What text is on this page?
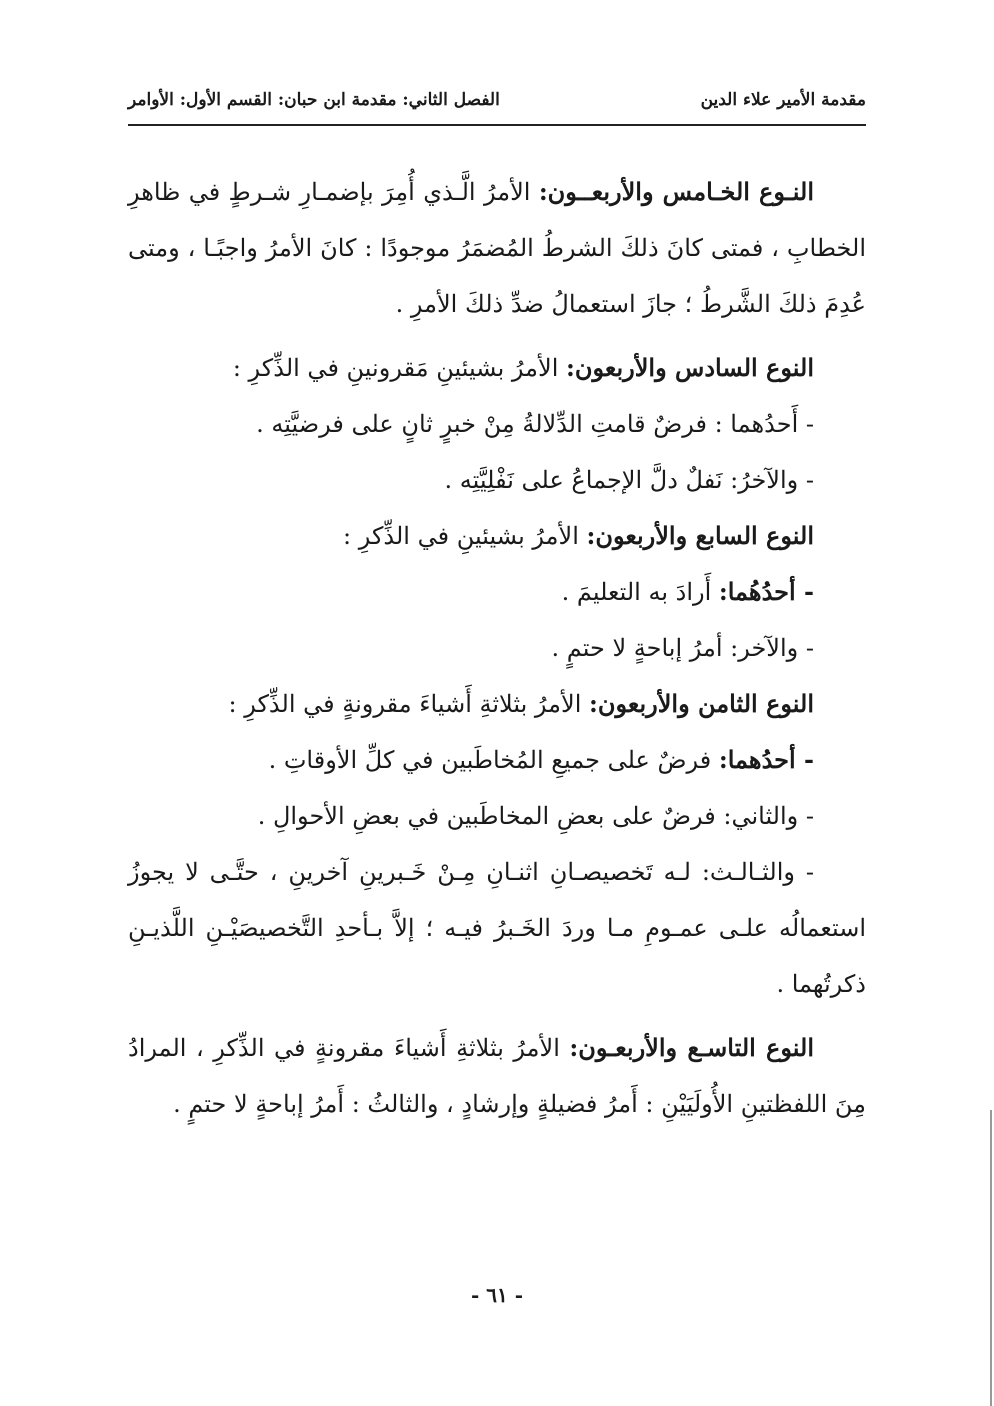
مقدمة الأمير علاء الدين
الفصل الثاني: مقدمة ابن حبان: القسم الأول: الأوامر

النـوع الخـامس والأربعــون: الأمرُ الَّـذي أُمِرَ بإضمـارِ شـرطٍ في ظاهرِ الخطابِ ، فمتى كانَ ذلكَ الشرطُ المُضمَرُ موجودًا : كانَ الأمرُ واجبًـا ، ومتى عُدِمَ ذلكَ الشَّرطُ ؛ جازَ استعمالُ ضدِّ ذلكَ الأمرِ .

النوع السادس والأربعون: الأمرُ بشيئينِ مَقرونينِ في الذِّكرِ :

- أَحدُهما : فرضٌ قامتِ الدِّلالةُ مِنْ خبرٍ ثانٍ على فرضيَّتِه .

- والآخرُ: نَفلٌ دلَّ الإجماعُ على نَفْلِيَّتِه .

النوع السابع والأربعون: الأمرُ بشيئينِ في الذِّكرِ :

- أحدُهُما: أَرادَ به التعليمَ .

- والآخر: أمرُ إباحةٍ لا حتمٍ .

النوع الثامن والأربعون: الأمرُ بثلاثةِ أَشياءَ مقرونةٍ في الذِّكرِ :

- أحدُهما: فرضٌ على جميعِ المُخاطَبين في كلِّ الأوقاتِ .

- والثاني: فرضٌ على بعضِ المخاطَبين في بعضِ الأحوالِ .

- والثـالـث: لـه تَخصيصـانِ اثنـانِ مِـنْ خَـبرينِ آخرينِ ، حتَّـى لا يجوزُ استعمالُه علـى عمـومِ مـا وردَ الخَـبرُ فيـه ؛ إلاَّ بـأحدِ التَّخصيصَيْـنِ اللَّذيـنِ ذكرتُهما .

النوع التاسـع والأربعـون: الأمرُ بثلاثةِ أَشياءَ مقرونةٍ في الذِّكرِ ، المرادُ مِنَ اللفظتينِ الأُولَيَيْنِ : أَمرُ فضيلةٍ وإرشادٍ ، والثالثُ : أَمرُ إباحةٍ لا حتمٍ .

- ٦١ -
